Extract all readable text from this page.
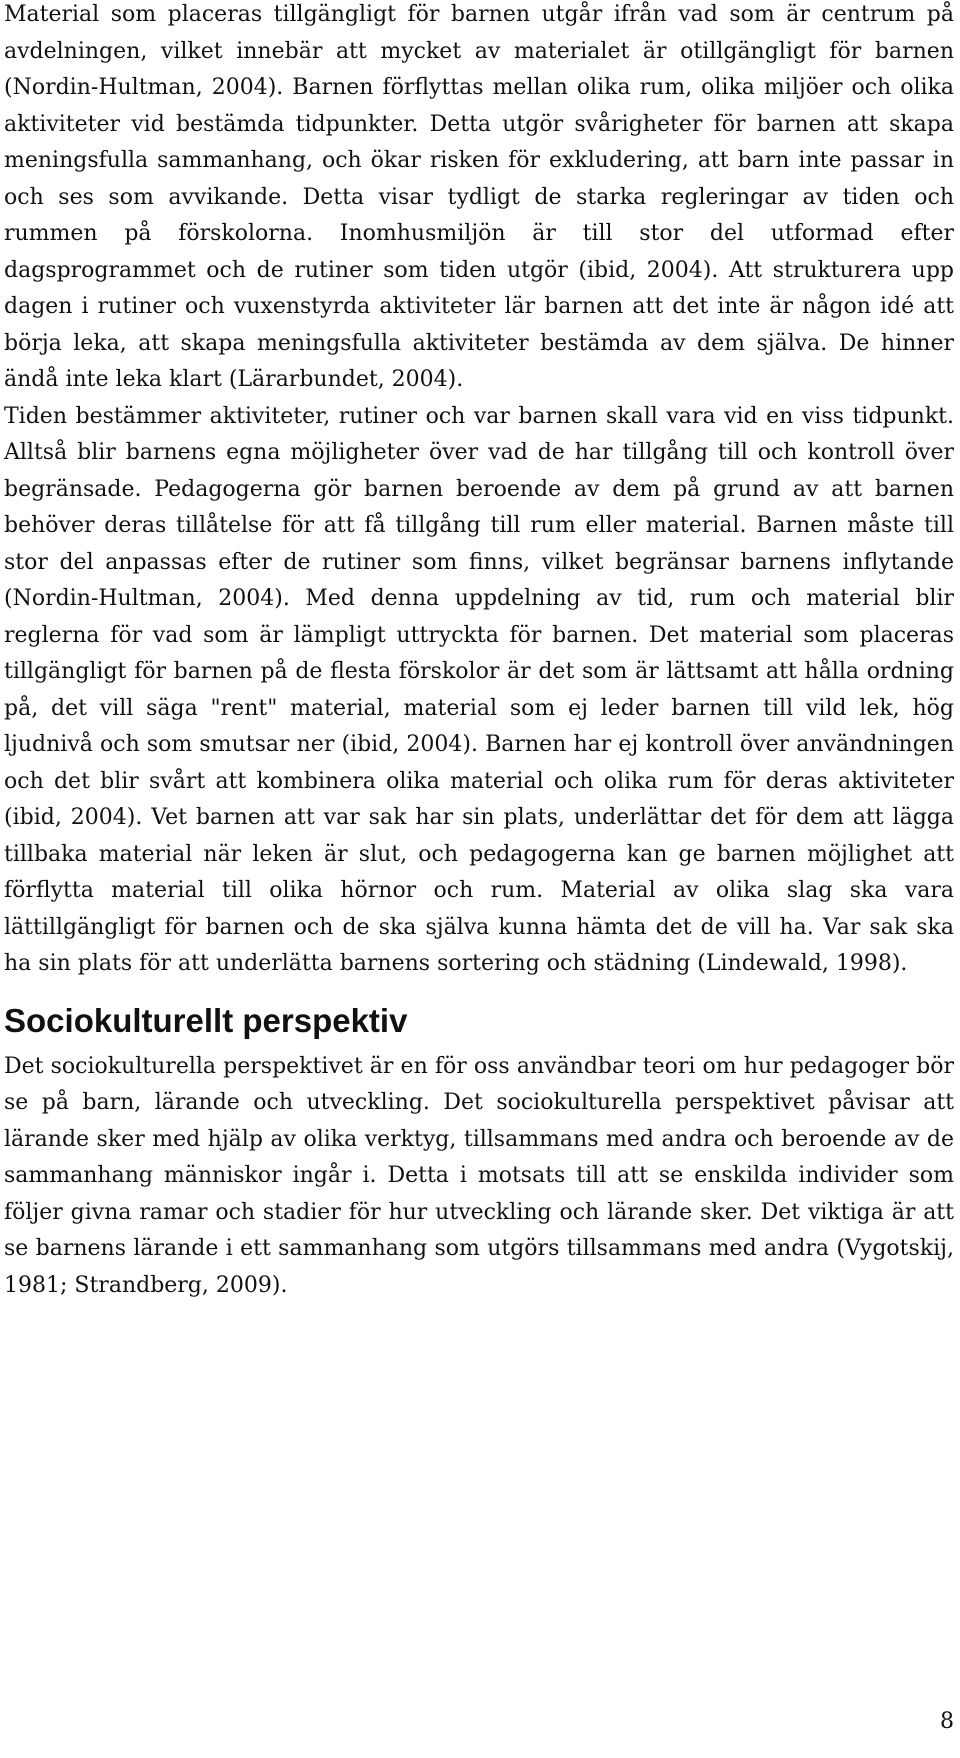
Material som placeras tillgängligt för barnen utgår ifrån vad som är centrum på avdelningen, vilket innebär att mycket av materialet är otillgängligt för barnen (Nordin-Hultman, 2004). Barnen förflyttas mellan olika rum, olika miljöer och olika aktiviteter vid bestämda tidpunkter. Detta utgör svårigheter för barnen att skapa meningsfulla sammanhang, och ökar risken för exkludering, att barn inte passar in och ses som avvikande. Detta visar tydligt de starka regleringar av tiden och rummen på förskolorna. Inomhusmiljön är till stor del utformad efter dagsprogrammet och de rutiner som tiden utgör (ibid, 2004). Att strukturera upp dagen i rutiner och vuxenstyrda aktiviteter lär barnen att det inte är någon idé att börja leka, att skapa meningsfulla aktiviteter bestämda av dem själva. De hinner ändå inte leka klart (Lärarbundet, 2004).

Tiden bestämmer aktiviteter, rutiner och var barnen skall vara vid en viss tidpunkt. Alltså blir barnens egna möjligheter över vad de har tillgång till och kontroll över begränsade. Pedagogerna gör barnen beroende av dem på grund av att barnen behöver deras tillåtelse för att få tillgång till rum eller material. Barnen måste till stor del anpassas efter de rutiner som finns, vilket begränsar barnens inflytande (Nordin-Hultman, 2004). Med denna uppdelning av tid, rum och material blir reglerna för vad som är lämpligt uttryckta för barnen. Det material som placeras tillgängligt för barnen på de flesta förskolor är det som är lättsamt att hålla ordning på, det vill säga "rent" material, material som ej leder barnen till vild lek, hög ljudnivå och som smutsar ner (ibid, 2004). Barnen har ej kontroll över användningen och det blir svårt att kombinera olika material och olika rum för deras aktiviteter (ibid, 2004). Vet barnen att var sak har sin plats, underlättar det för dem att lägga tillbaka material när leken är slut, och pedagogerna kan ge barnen möjlighet att förflytta material till olika hörnor och rum. Material av olika slag ska vara lättillgängligt för barnen och de ska själva kunna hämta det de vill ha. Var sak ska ha sin plats för att underlätta barnens sortering och städning (Lindewald, 1998).

Sociokulturellt perspektiv

Det sociokulturella perspektivet är en för oss användbar teori om hur pedagoger bör se på barn, lärande och utveckling. Det sociokulturella perspektivet påvisar att lärande sker med hjälp av olika verktyg, tillsammans med andra och beroende av de sammanhang människor ingår i. Detta i motsats till att se enskilda individer som följer givna ramar och stadier för hur utveckling och lärande sker. Det viktiga är att se barnens lärande i ett sammanhang som utgörs tillsammans med andra (Vygotskij, 1981; Strandberg, 2009).

8
